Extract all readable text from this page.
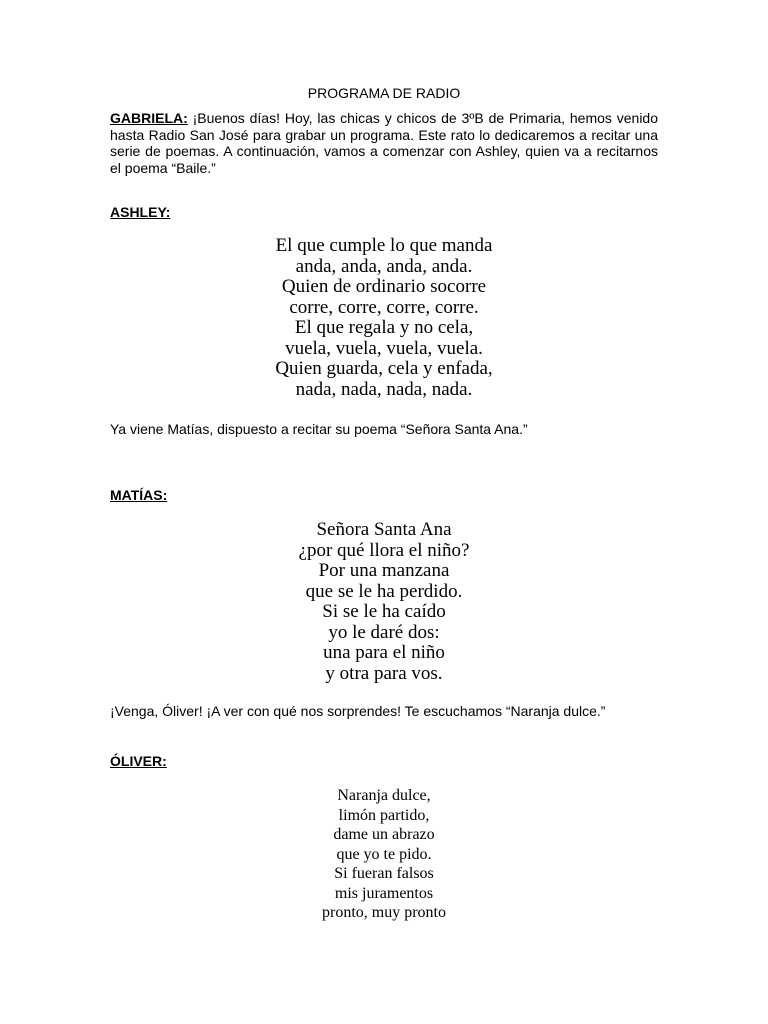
PROGRAMA DE RADIO

GABRIELA: ¡Buenos días! Hoy, las chicas y chicos de 3ºB de Primaria, hemos venido hasta Radio San José para grabar un programa. Este rato lo dedicaremos a recitar una serie de poemas. A continuación, vamos a comenzar con Ashley, quien va a recitarnos el poema “Baile.”

ASHLEY:
El que cumple lo que manda
anda, anda, anda, anda.
Quien de ordinario socorre
corre, corre, corre, corre.
El que regala y no cela,
vuela, vuela, vuela, vuela.
Quien guarda, cela y enfada,
nada, nada, nada, nada.

Ya viene Matías, dispuesto a recitar su poema “Señora Santa Ana.”

MATÍAS:
Señora Santa Ana
¿por qué llora el niño?
Por una manzana
que se le ha perdido.
Si se le ha caído
yo le daré dos:
una para el niño
y otra para vos.

¡Venga, Óliver! ¡A ver con qué nos sorprendes! Te escuchamos “Naranja dulce.”

ÓLIVER:
Naranja dulce,
limón partido,
dame un abrazo
que yo te pido.
Si fueran falsos
mis juramentos
pronto, muy pronto
